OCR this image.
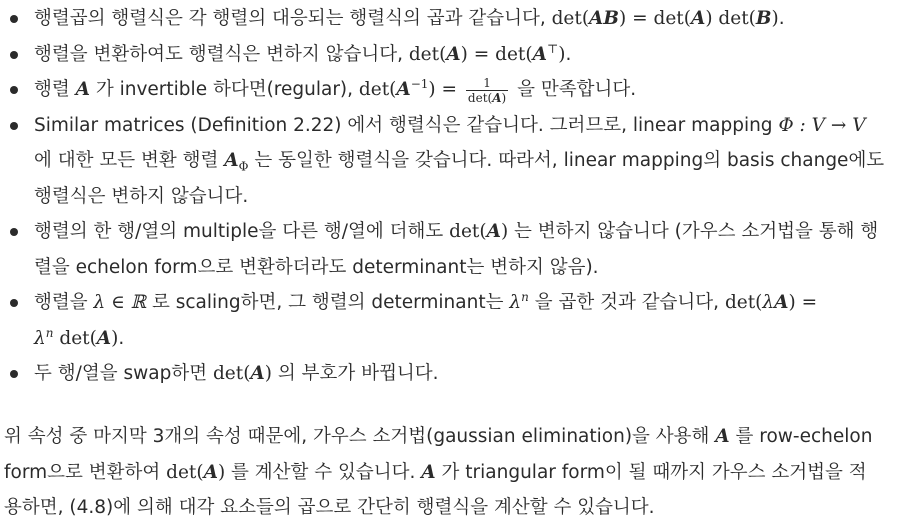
행렬곱의 행렬식은 각 행렬의 대응되는 행렬식의 곱과 같습니다, det(AB) = det(A) det(B).
행렬을 변환하여도 행렬식은 변하지 않습니다, det(A) = det(A⊤).
행렬 A 가 invertible 하다면(regular), $\det(A^{-1}) = \frac{1}{\det(A)}$ 을 만족합니다.
Similar matrices (Definition 2.22) 에서 행렬식은 같습니다. 그러므로, linear mapping Φ : V → V
에 대한 모든 변환 행렬 $A_\Phi$ 는 동일한 행렬식을 갖습니다. 따라서, linear mapping의 basis change에도
행렬식은 변하지 않습니다.
행렬의 한 행/열의 multiple을 다른 행/열에 더해도 det(A) 는 변하지 않습니다 (가우스 소거법을 통해 행
렬을 echelon form으로 변환하더라도 determinant는 변하지 않음).
행렬을 λ ∈ ℝ 로 scaling하면, 그 행렬의 determinant는 $\lambda^n$ 을 곱한 것과 같습니다, det(λA) =
$\lambda^n$ det(A).
두 행/열을 swap하면 det(A) 의 부호가 바뀝니다.

위 속성 중 마지막 3개의 속성 때문에, 가우스 소거법(gaussian elimination)을 사용해 A 를 row-echelon
form으로 변환하여 det(A) 를 계산할 수 있습니다. A 가 triangular form이 될 때까지 가우스 소거법을 적
용하면, (4.8)에 의해 대각 요소들의 곱으로 간단히 행렬식을 계산할 수 있습니다.
